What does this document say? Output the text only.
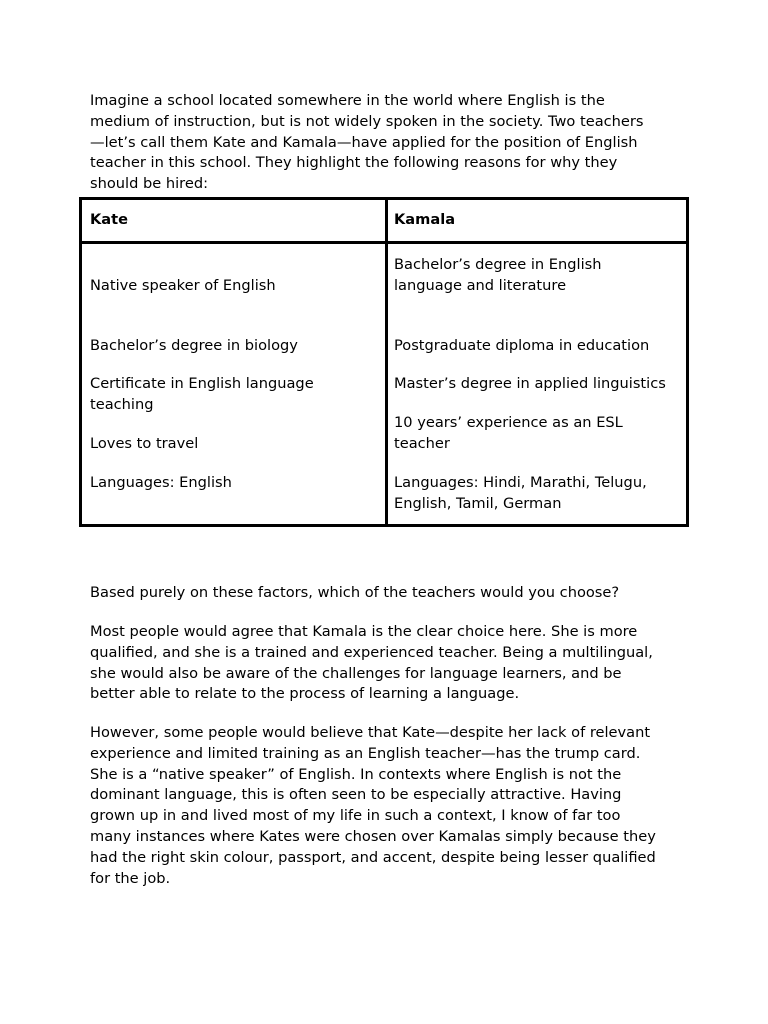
Imagine a school located somewhere in the world where English is the
medium of instruction, but is not widely spoken in the society. Two teachers
—let’s call them Kate and Kamala—have applied for the position of English
teacher in this school. They highlight the following reasons for why they
should be hired:

Kate	Kamala

Native speaker of English

Bachelor’s degree in biology

Certificate in English language
teaching

Loves to travel

Languages: English

Bachelor’s degree in English
language and literature

Postgraduate diploma in education

Master’s degree in applied linguistics

10 years’ experience as an ESL
teacher

Languages: Hindi, Marathi, Telugu,
English, Tamil, German

Based purely on these factors, which of the teachers would you choose?

Most people would agree that Kamala is the clear choice here. She is more
qualified, and she is a trained and experienced teacher. Being a multilingual,
she would also be aware of the challenges for language learners, and be
better able to relate to the process of learning a language.

However, some people would believe that Kate—despite her lack of relevant
experience and limited training as an English teacher—has the trump card.
She is a “native speaker” of English. In contexts where English is not the
dominant language, this is often seen to be especially attractive. Having
grown up in and lived most of my life in such a context, I know of far too
many instances where Kates were chosen over Kamalas simply because they
had the right skin colour, passport, and accent, despite being lesser qualified
for the job.
